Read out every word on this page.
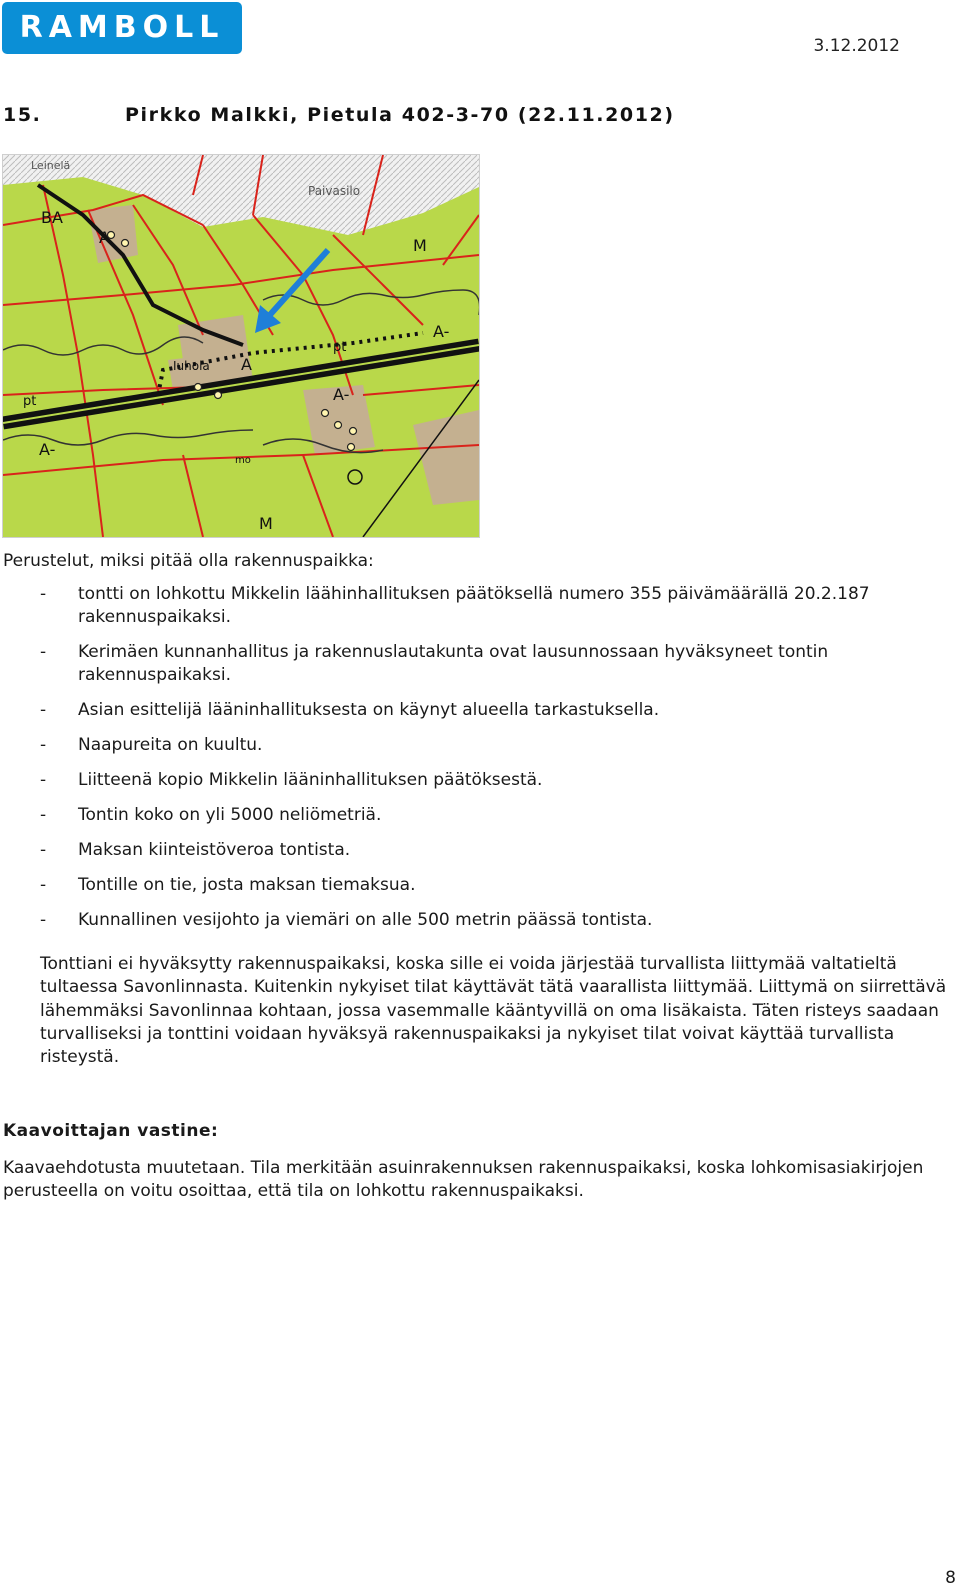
RAMBOLL
3.12.2012
15.	Pirkko Malkki, Pietula 402-3-70 (22.11.2012)
Leinelä
Paivasilo
BA
A	M
Iuhola
pt
A-
pt
A
A-
A-
M
mo
Perustelut, miksi pitää olla rakennuspaikka:
- tontti on lohkottu Mikkelin läähinhallituksen päätöksellä numero 355 päivämäärällä 20.2.187 rakennuspaikaksi.
- Kerimäen kunnanhallitus ja rakennuslautakunta ovat lausunnossaan hyväksyneet tontin rakennuspaikaksi.
- Asian esittelijä lääninhallituksesta on käynyt alueella tarkastuksella.
- Naapureita on kuultu.
- Liitteenä kopio Mikkelin lääninhallituksen päätöksestä.
- Tontin koko on yli 5000 neliömetriä.
- Maksan kiinteistöveroa tontista.
- Tontille on tie, josta maksan tiemaksua.
- Kunnallinen vesijohto ja viemäri on alle 500 metrin päässä tontista.
Tonttiani ei hyväksytty rakennuspaikaksi, koska sille ei voida järjestää turvallista liittymää valtatieltä tultaessa Savonlinnasta. Kuitenkin nykyiset tilat käyttävät tätä vaarallista liittymää. Liittymä on siirrettävä lähemmäksi Savonlinnaa kohtaan, jossa vasemmalle kääntyvillä on oma lisäkaista. Täten risteys saadaan turvalliseksi ja tonttini voidaan hyväksyä rakennuspaikaksi ja nykyiset tilat voivat käyttää turvallista risteystä.
Kaavoittajan vastine:
Kaavaehdotusta muutetaan. Tila merkitään asuinrakennuksen rakennuspaikaksi, koska lohkomisasiakirjojen perusteella on voitu osoittaa, että tila on lohkottu rakennuspaikaksi.
8
